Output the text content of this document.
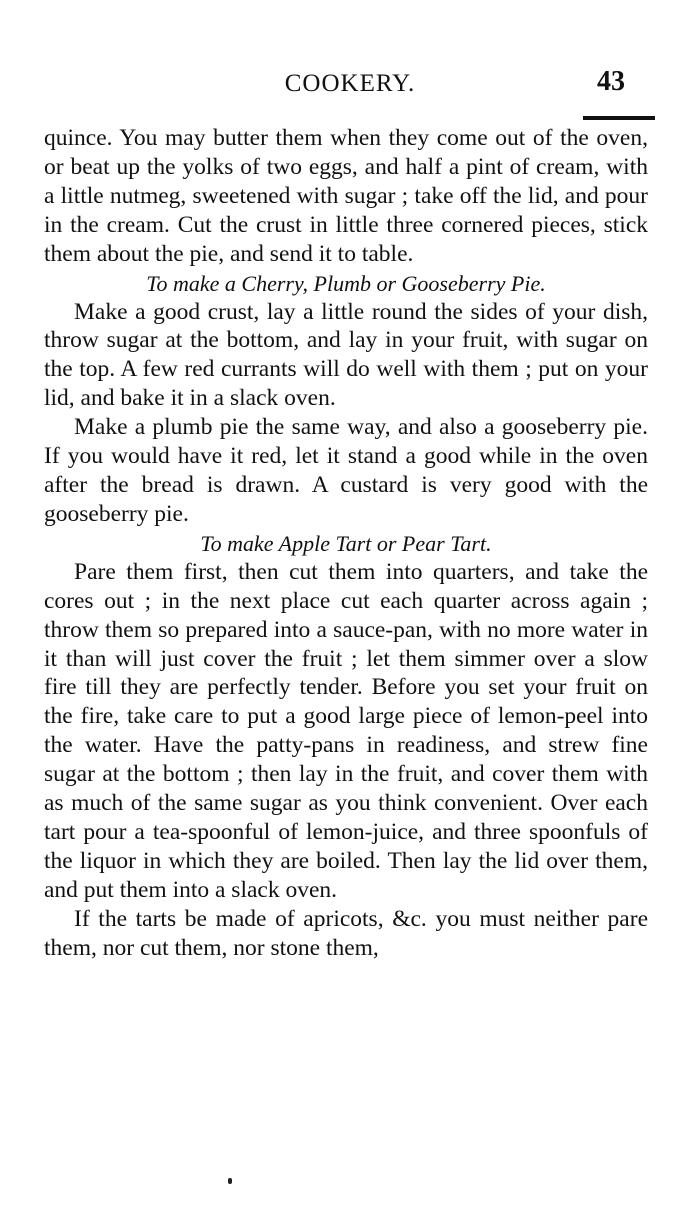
COOKERY.	43

quince. You may butter them when they come out of the oven, or beat up the yolks of two eggs, and half a pint of cream, with a little nutmeg, sweetened with sugar ; take off the lid, and pour in the cream. Cut the crust in little three cornered pieces, stick them about the pie, and send it to table.

To make a Cherry, Plumb or Gooseberry Pie.

Make a good crust, lay a little round the sides of your dish, throw sugar at the bottom, and lay in your fruit, with sugar on the top. A few red currants will do well with them ; put on your lid, and bake it in a slack oven.

Make a plumb pie the same way, and also a gooseberry pie. If you would have it red, let it stand a good while in the oven after the bread is drawn. A custard is very good with the gooseberry pie.

To make Apple Tart or Pear Tart.

Pare them first, then cut them into quarters, and take the cores out ; in the next place cut each quarter across again ; throw them so prepared into a sauce-pan, with no more water in it than will just cover the fruit ; let them simmer over a slow fire till they are perfectly tender. Before you set your fruit on the fire, take care to put a good large piece of lemon-peel into the water. Have the patty-pans in readiness, and strew fine sugar at the bottom ; then lay in the fruit, and cover them with as much of the same sugar as you think convenient. Over each tart pour a tea-spoonful of lemon-juice, and three spoonfuls of the liquor in which they are boiled. Then lay the lid over them, and put them into a slack oven.

If the tarts be made of apricots, &c. you must neither pare them, nor cut them, nor stone them,
